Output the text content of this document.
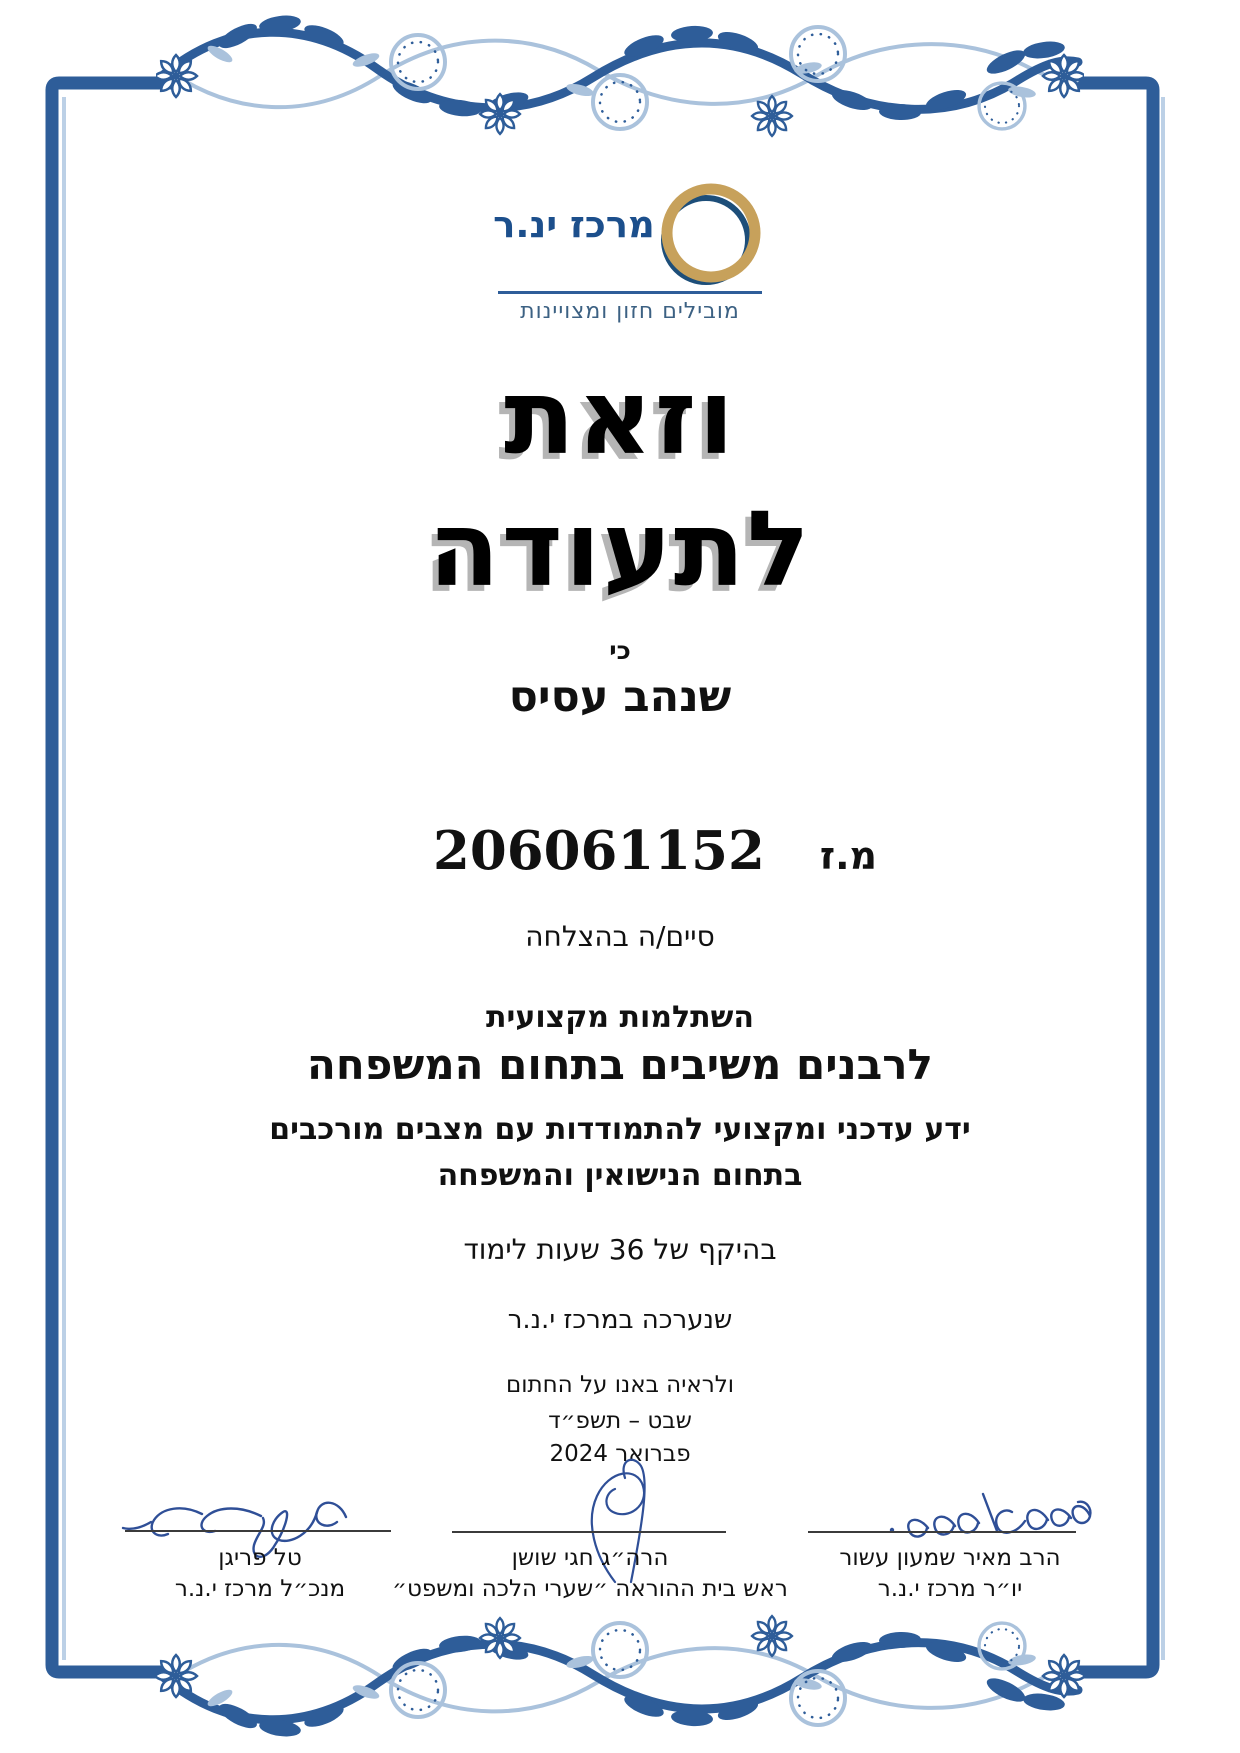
מרכז ינ.ר
מובילים חזון ומצויינות
וזאת
לתעודה
כי
שנהב עסיס
מ.ז
206061152
סיים/ה בהצלחה
השתלמות מקצועית
לרבנים משיבים בתחום המשפחה
ידע עדכני ומקצועי להתמודדות עם מצבים מורכבים
בתחום הנישואין והמשפחה
בהיקף של 36 שעות לימוד
שנערכה במרכז י.נ.ר
ולראיה באנו על החתום
שבט – תשפ״ד
פברואר 2024
הרב מאיר שמעון עשור
יו״ר מרכז י.נ.ר
הרה״ג חגי שושן
ראש בית ההוראה ״שערי הלכה ומשפט״
טל פריגן
מנכ״ל מרכז י.נ.ר
